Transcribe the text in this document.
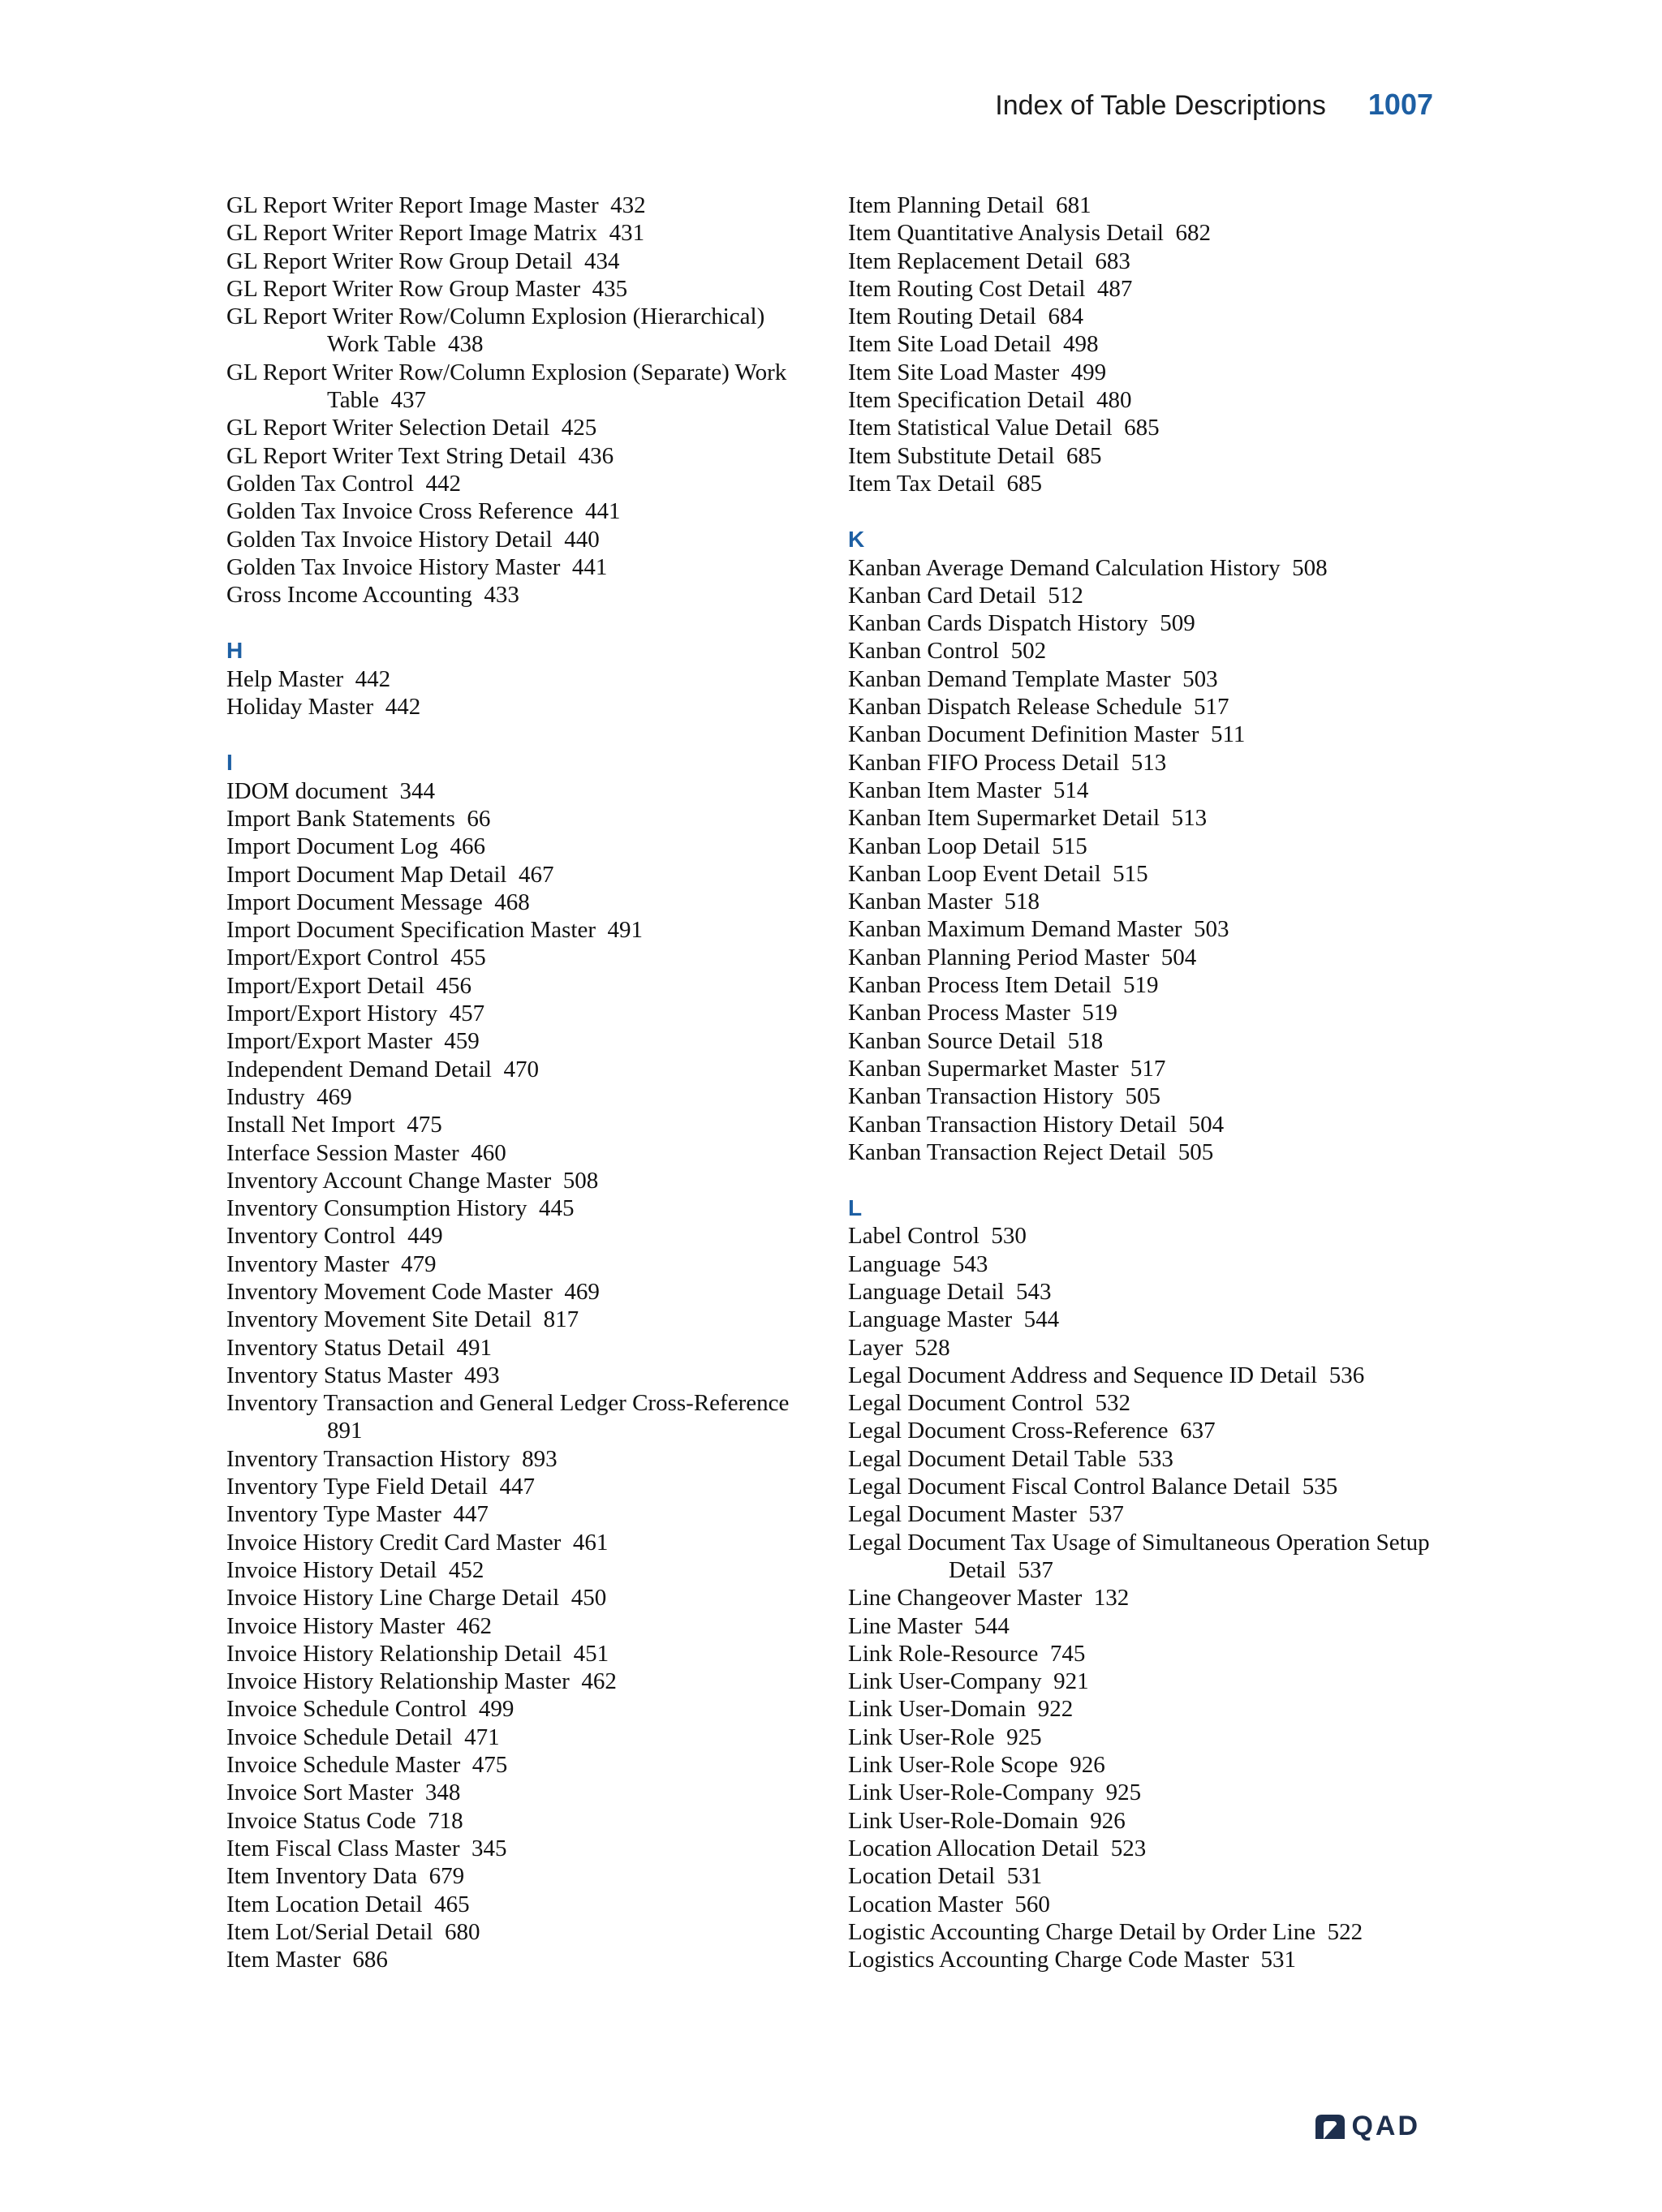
Index of Table Descriptions 1007
GL Report Writer Report Image Master 432
GL Report Writer Report Image Matrix 431
GL Report Writer Row Group Detail 434
GL Report Writer Row Group Master 435
GL Report Writer Row/Column Explosion (Hierarchical) Work Table 438
GL Report Writer Row/Column Explosion (Separate) Work Table 437
GL Report Writer Selection Detail 425
GL Report Writer Text String Detail 436
Golden Tax Control 442
Golden Tax Invoice Cross Reference 441
Golden Tax Invoice History Detail 440
Golden Tax Invoice History Master 441
Gross Income Accounting 433
H
Help Master 442
Holiday Master 442
I
IDOM document 344
Import Bank Statements 66
Import Document Log 466
Import Document Map Detail 467
Import Document Message 468
Import Document Specification Master 491
Import/Export Control 455
Import/Export Detail 456
Import/Export History 457
Import/Export Master 459
Independent Demand Detail 470
Industry 469
Install Net Import 475
Interface Session Master 460
Inventory Account Change Master 508
Inventory Consumption History 445
Inventory Control 449
Inventory Master 479
Inventory Movement Code Master 469
Inventory Movement Site Detail 817
Inventory Status Detail 491
Inventory Status Master 493
Inventory Transaction and General Ledger Cross-Reference  891
Inventory Transaction History 893
Inventory Type Field Detail 447
Inventory Type Master 447
Invoice History Credit Card Master 461
Invoice History Detail 452
Invoice History Line Charge Detail 450
Invoice History Master 462
Invoice History Relationship Detail 451
Invoice History Relationship Master 462
Invoice Schedule Control 499
Invoice Schedule Detail 471
Invoice Schedule Master 475
Invoice Sort Master 348
Invoice Status Code 718
Item Fiscal Class Master 345
Item Inventory Data 679
Item Location Detail 465
Item Lot/Serial Detail 680
Item Master 686
Item Planning Detail 681
Item Quantitative Analysis Detail 682
Item Replacement Detail 683
Item Routing Cost Detail 487
Item Routing Detail 684
Item Site Load Detail 498
Item Site Load Master 499
Item Specification Detail 480
Item Statistical Value Detail 685
Item Substitute Detail 685
Item Tax Detail 685
K
Kanban Average Demand Calculation History 508
Kanban Card Detail 512
Kanban Cards Dispatch History 509
Kanban Control 502
Kanban Demand Template Master 503
Kanban Dispatch Release Schedule 517
Kanban Document Definition Master 511
Kanban FIFO Process Detail 513
Kanban Item Master 514
Kanban Item Supermarket Detail 513
Kanban Loop Detail 515
Kanban Loop Event Detail 515
Kanban Master 518
Kanban Maximum Demand Master 503
Kanban Planning Period Master 504
Kanban Process Item Detail 519
Kanban Process Master 519
Kanban Source Detail 518
Kanban Supermarket Master 517
Kanban Transaction History 505
Kanban Transaction History Detail 504
Kanban Transaction Reject Detail 505
L
Label Control 530
Language 543
Language Detail 543
Language Master 544
Layer 528
Legal Document Address and Sequence ID Detail 536
Legal Document Control 532
Legal Document Cross-Reference 637
Legal Document Detail Table 533
Legal Document Fiscal Control Balance Detail 535
Legal Document Master 537
Legal Document Tax Usage of Simultaneous Operation Setup Detail 537
Line Changeover Master 132
Line Master 544
Link Role-Resource 745
Link User-Company 921
Link User-Domain 922
Link User-Role 925
Link User-Role Scope 926
Link User-Role-Company 925
Link User-Role-Domain 926
Location Allocation Detail 523
Location Detail 531
Location Master 560
Logistic Accounting Charge Detail by Order Line 522
Logistics Accounting Charge Code Master 531
QAD
